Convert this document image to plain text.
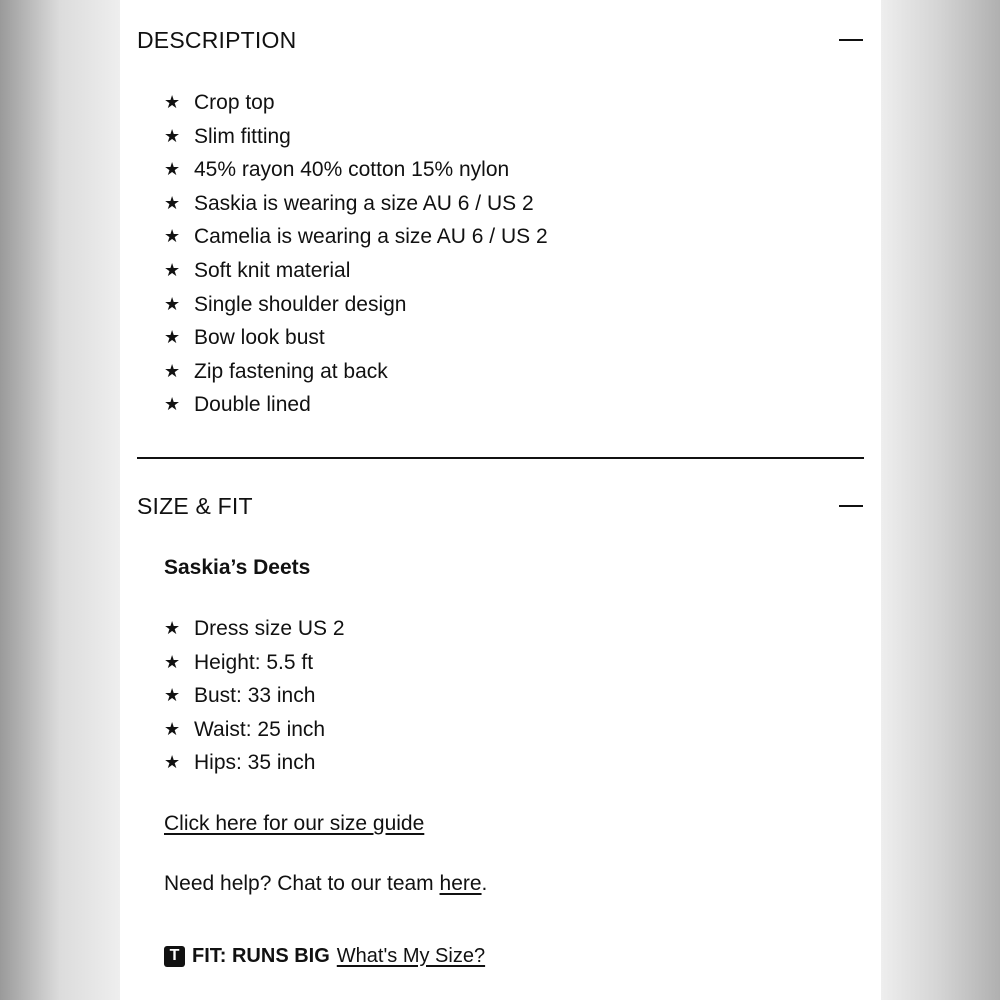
DESCRIPTION
★ Crop top
★ Slim fitting
★ 45% rayon 40% cotton 15% nylon
★ Saskia is wearing a size AU 6 / US 2
★ Camelia is wearing a size AU 6 / US 2
★ Soft knit material
★ Single shoulder design
★ Bow look bust
★ Zip fastening at back
★ Double lined
SIZE & FIT
Saskia’s Deets
★ Dress size US 2
★ Height: 5.5 ft
★ Bust: 33 inch
★ Waist: 25 inch
★ Hips: 35 inch
Click here for our size guide
Need help? Chat to our team here.
T FIT: RUNS BIG What's My Size?
